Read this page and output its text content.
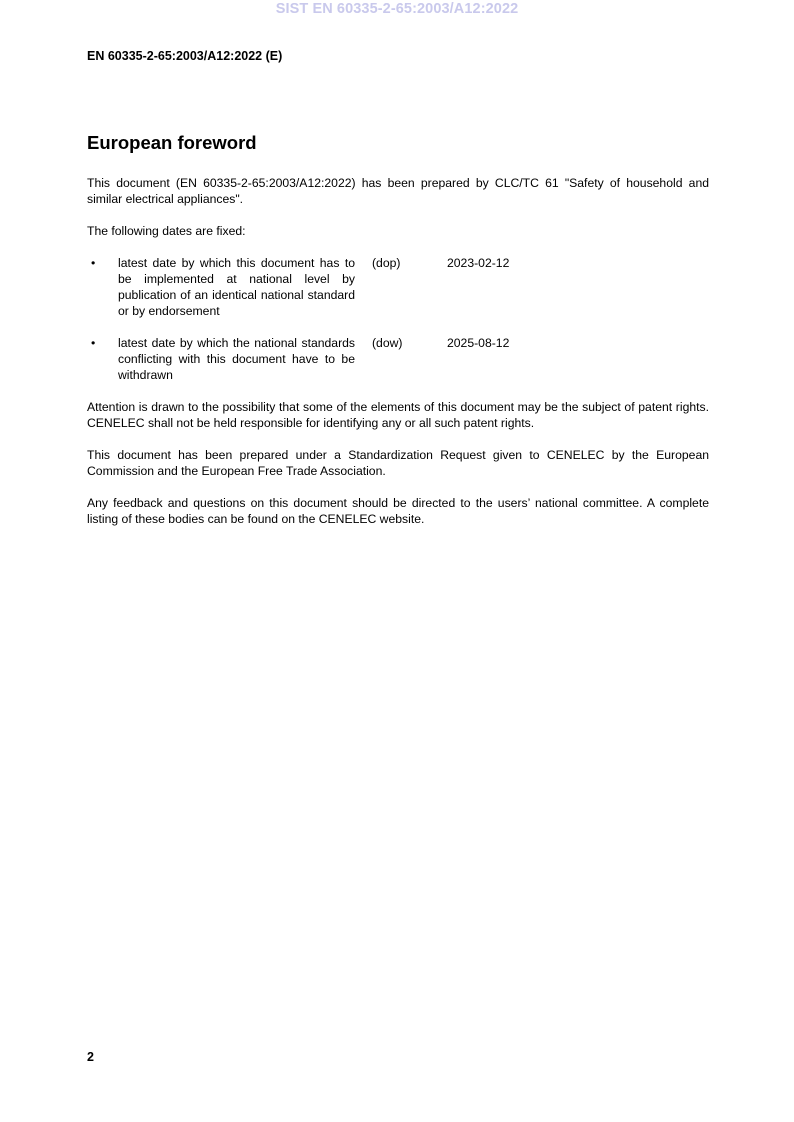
SIST EN 60335-2-65:2003/A12:2022
EN 60335-2-65:2003/A12:2022 (E)
European foreword

This document (EN 60335-2-65:2003/A12:2022) has been prepared by CLC/TC 61 "Safety of household and similar electrical appliances".

The following dates are fixed:

•	latest date by which this document has to be implemented at national level by publication of an identical national standard or by endorsement
(dop)	2023-02-12
•	latest date by which the national standards conflicting with this document have to be withdrawn
(dow)	2025-08-12

Attention is drawn to the possibility that some of the elements of this document may be the subject of patent rights. CENELEC shall not be held responsible for identifying any or all such patent rights.

This document has been prepared under a Standardization Request given to CENELEC by the European Commission and the European Free Trade Association.

Any feedback and questions on this document should be directed to the users’ national committee. A complete listing of these bodies can be found on the CENELEC website.

2
